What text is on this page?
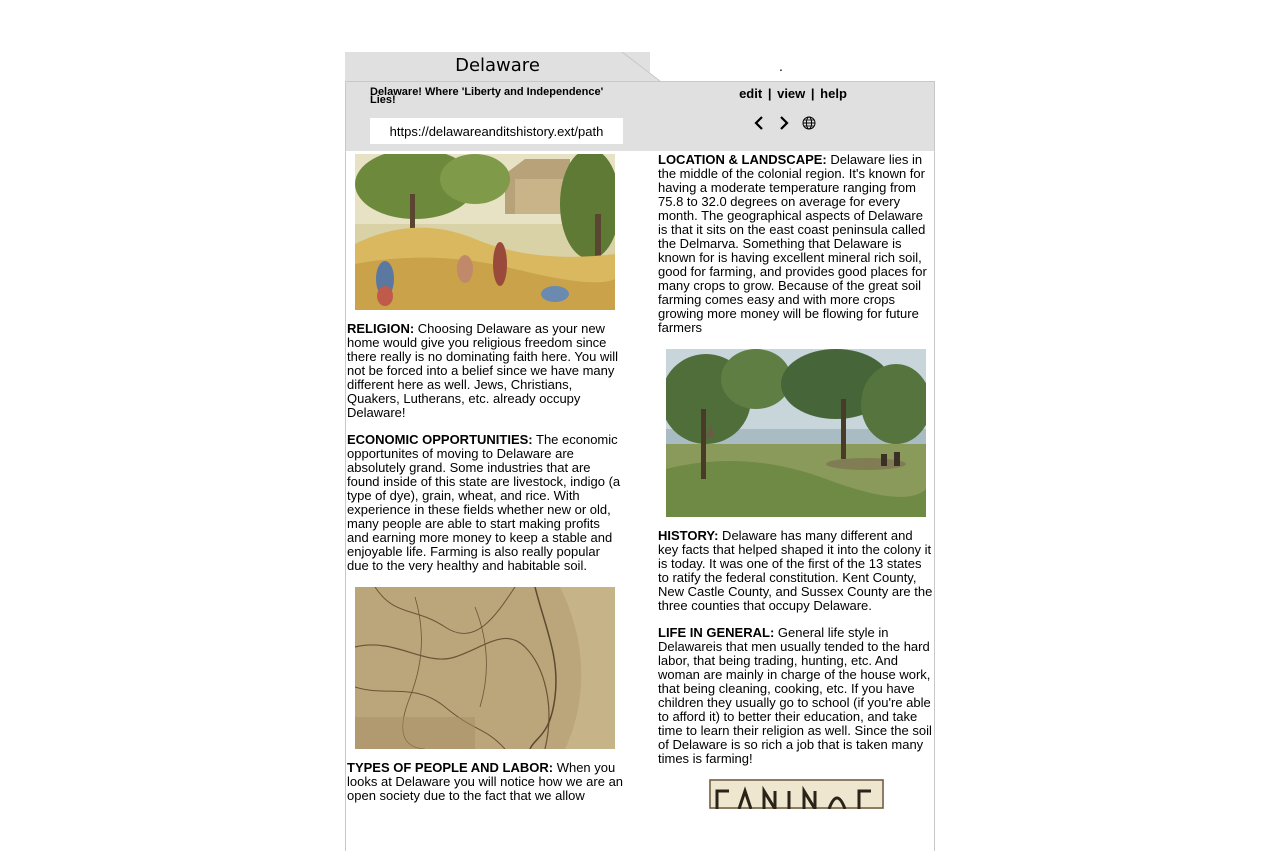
Delaware	.
Delaware! Where 'Liberty and Independence' Lies!
https://delawareanditshistory.ext/path	edit | view | help
RELIGION: Choosing Delaware as your new home would give you religious freedom since there really is no dominating faith here. You will not be forced into a belief since we have many different here as well. Jews, Christians, Quakers, Lutherans, etc. already occupy Delaware!
ECONOMIC OPPORTUNITIES: The economic opportunites of moving to Delaware are absolutely grand. Some industries that are found inside of this state are livestock, indigo (a type of dye), grain, wheat, and rice. With experience in these fields whether new or old, many people are able to start making profits and earning more money to keep a stable and enjoyable life. Farming is also really popular due to the very healthy and habitable soil.
TYPES OF PEOPLE AND LABOR: When you looks at Delaware you will notice how we are an open society due to the fact that we allow
LOCATION & LANDSCAPE: Delaware lies in the middle of the colonial region. It's known for having a moderate temperature ranging from 75.8 to 32.0 degrees on average for every month. The geographical aspects of Delaware is that it sits on the east coast peninsula called the Delmarva. Something that Delaware is known for is having excellent mineral rich soil, good for farming, and provides good places for many crops to grow. Because of the great soil farming comes easy and with more crops growing more money will be flowing for future farmers
HISTORY: Delaware has many different and key facts that helped shaped it into the colony it is today. It was one of the first of the 13 states to ratify the federal constitution. Kent County, New Castle County, and Sussex County are the three counties that occupy Delaware.
LIFE IN GENERAL: General life style in Delawareis that men usually tended to the hard labor, that being trading, hunting, etc. And woman are mainly in charge of the house work, that being cleaning, cooking, etc. If you have children they usually go to school (if you're able to afford it) to better their education, and take time to learn their religion as well. Since the soil of Delaware is so rich a job that is taken many times is farming!
